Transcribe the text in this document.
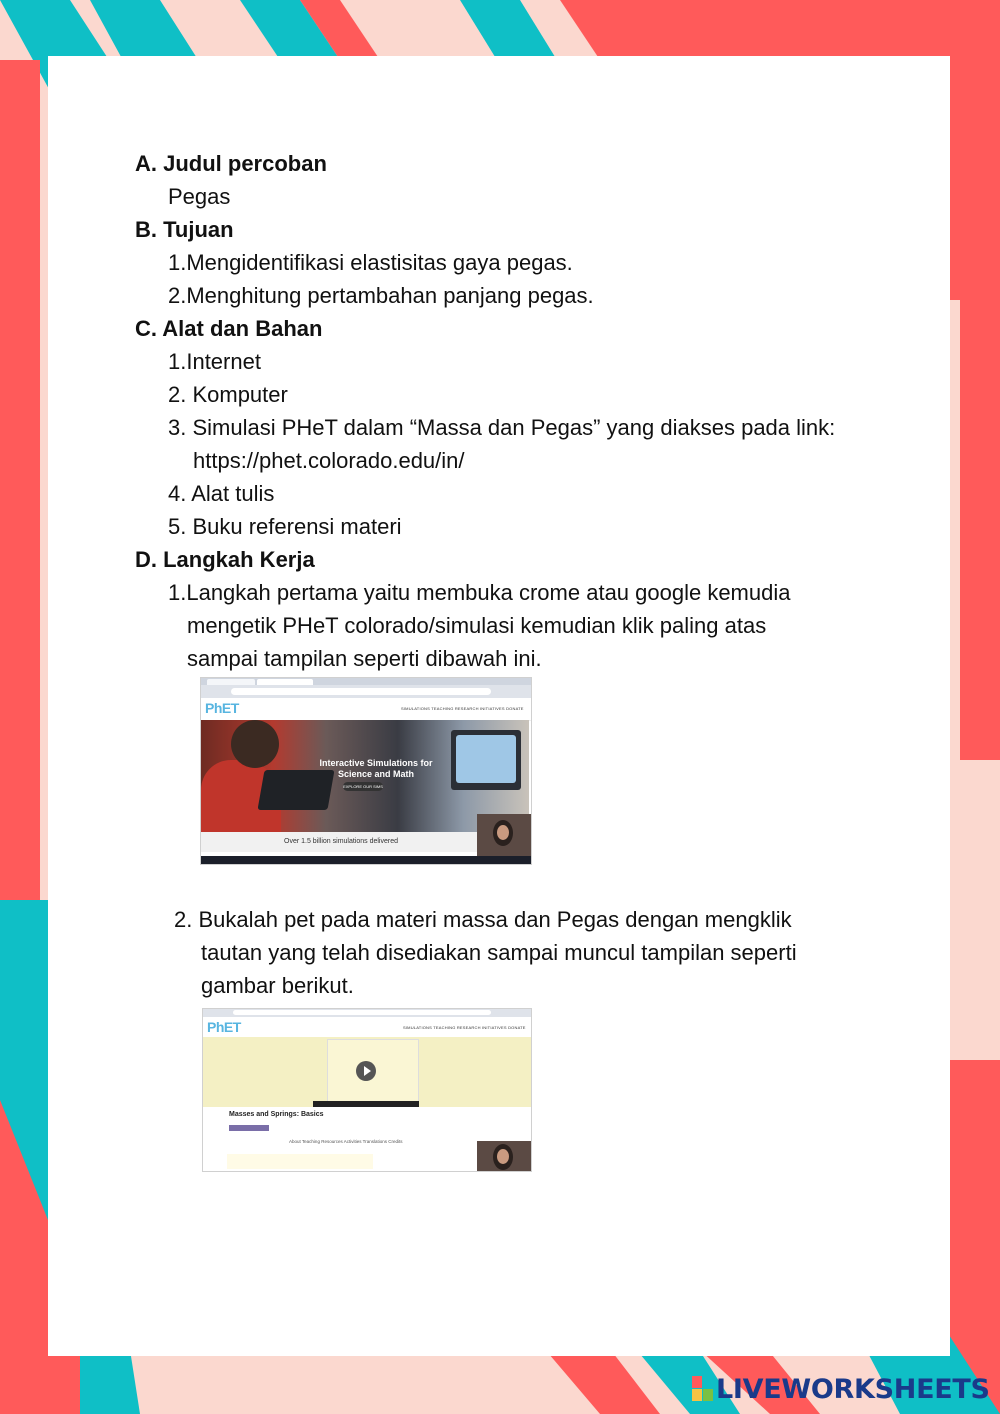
A. Judul percoban
Pegas
B. Tujuan
1.Mengidentifikasi elastisitas gaya pegas.
2.Menghitung pertambahan panjang pegas.
C. Alat dan Bahan
1.Internet
2. Komputer
3. Simulasi PHeT dalam “Massa dan Pegas” yang diakses pada link:
https://phet.colorado.edu/in/
4. Alat tulis
5. Buku referensi materi
D. Langkah Kerja
1.Langkah pertama yaitu membuka crome atau google kemudia
mengetik PHeT colorado/simulasi kemudian klik paling atas
sampai tampilan seperti dibawah ini.
2. Bukalah pet pada materi massa dan Pegas dengan mengklik
tautan yang telah disediakan sampai muncul tampilan seperti
gambar berikut.
PhET	SIMULATIONS TEACHING RESEARCH INITIATIVES DONATE
Interactive Simulations for Science and Math
EXPLORE OUR SIMS
Over 1.5 billion simulations delivered
PhET	SIMULATIONS TEACHING RESEARCH INITIATIVES DONATE
Masses and Springs: Basics
About Teaching Resources Activities Translations Credits
LIVEWORKSHEETS
